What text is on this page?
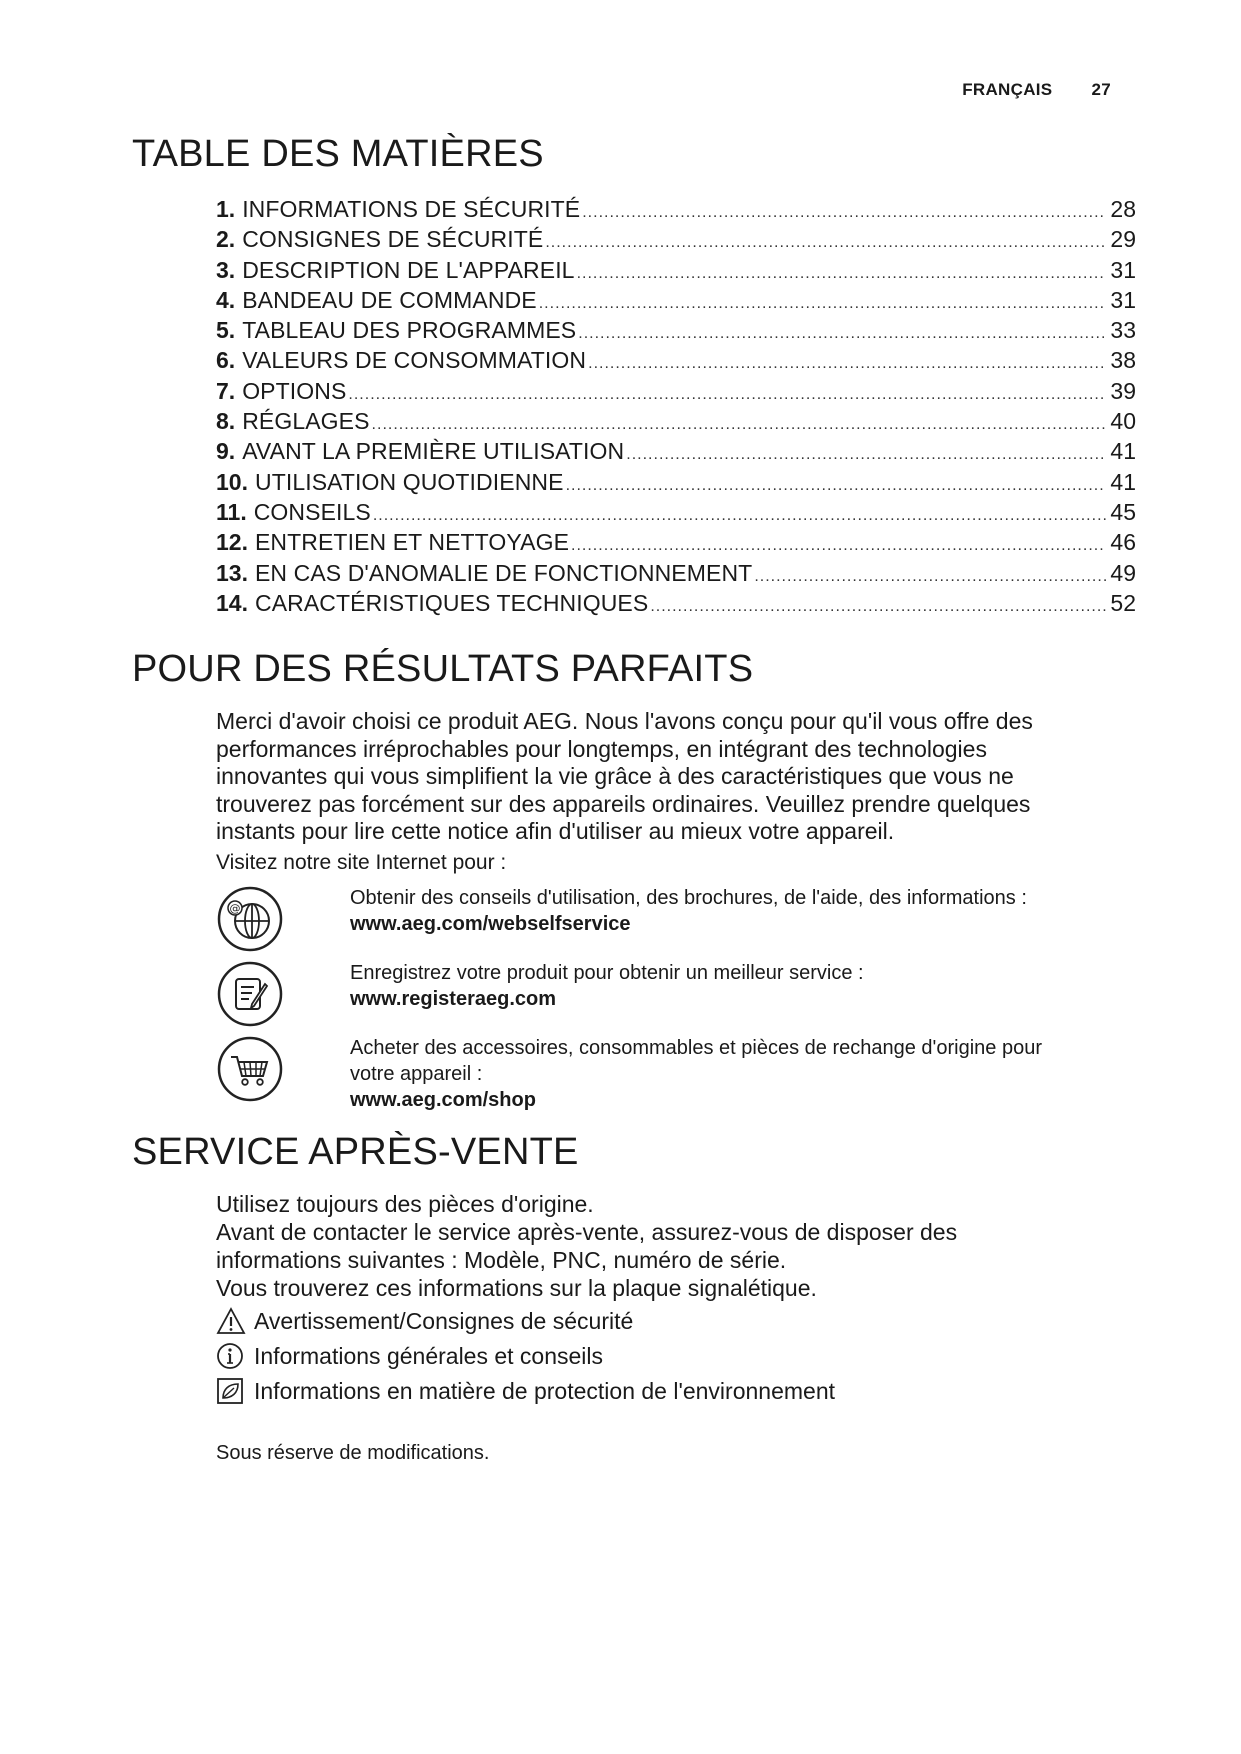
FRANÇAIS 27
TABLE DES MATIÈRES
1. INFORMATIONS DE SÉCURITÉ .....	28
2. CONSIGNES DE SÉCURITÉ .....	29
3. DESCRIPTION DE L'APPAREIL .....	31
4. BANDEAU DE COMMANDE .....	31
5. TABLEAU DES PROGRAMMES .....	33
6. VALEURS DE CONSOMMATION .....	38
7. OPTIONS .....	39
8. RÉGLAGES .....	40
9. AVANT LA PREMIÈRE UTILISATION .....	41
10. UTILISATION QUOTIDIENNE .....	41
11. CONSEILS .....	45
12. ENTRETIEN ET NETTOYAGE .....	46
13. EN CAS D'ANOMALIE DE FONCTIONNEMENT .....	49
14. CARACTÉRISTIQUES TECHNIQUES .....	52
POUR DES RÉSULTATS PARFAITS
Merci d'avoir choisi ce produit AEG. Nous l'avons conçu pour qu'il vous offre des
performances irréprochables pour longtemps, en intégrant des technologies
innovantes qui vous simplifient la vie grâce à des caractéristiques que vous ne
trouverez pas forcément sur des appareils ordinaires. Veuillez prendre quelques
instants pour lire cette notice afin d'utiliser au mieux votre appareil.
Visitez notre site Internet pour :
@	Obtenir des conseils d'utilisation, des brochures, de l'aide, des informations :
www.aeg.com/webselfservice
Enregistrez votre produit pour obtenir un meilleur service :
www.registeraeg.com
Acheter des accessoires, consommables et pièces de rechange d'origine pour
votre appareil :
www.aeg.com/shop
SERVICE APRÈS-VENTE
Utilisez toujours des pièces d'origine.
Avant de contacter le service après-vente, assurez-vous de disposer des
informations suivantes : Modèle, PNC, numéro de série.
Vous trouverez ces informations sur la plaque signalétique.
Avertissement/Consignes de sécurité
Informations générales et conseils
Informations en matière de protection de l'environnement
Sous réserve de modifications.
